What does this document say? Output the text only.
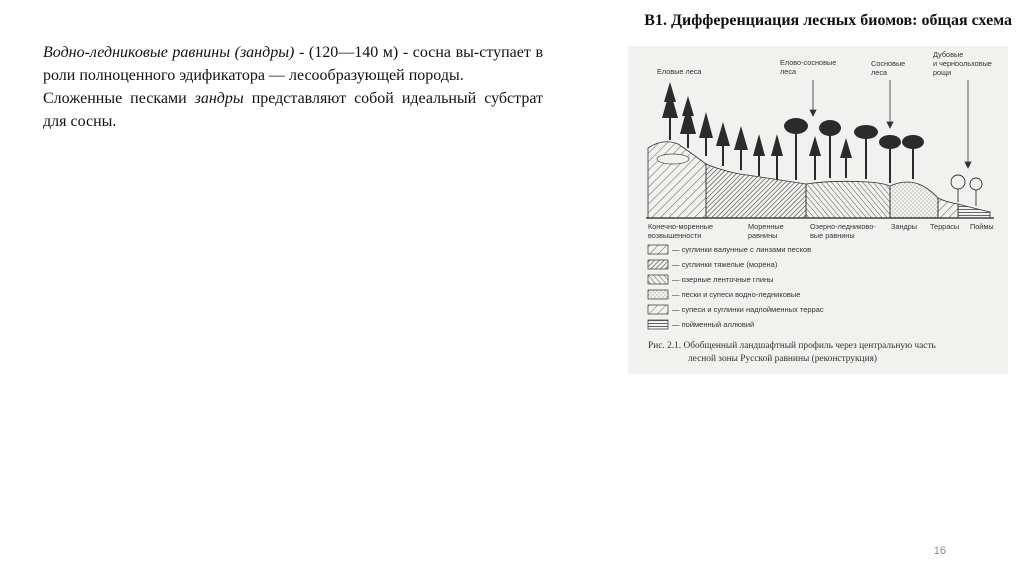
В1. Дифференциация лесных биомов: общая схема

Водно-ледниковые равнины (зандры) - (120—140 м) - сосна вы-ступает в роли полноценного эдификатора — лесообразующей породы.

Сложенные песками зандры представляют собой идеальный субстрат для сосны.

Еловые леса
Елово-сосновые
леса
Сосновые
леса
Дубовые
и черноольховые
рощи
Конечно-моренные
возвышенности
Моренные
равнины
Озерно-ледниково-
вые равнины
Зандры Террасы Поймы
— суглинки валунные с линзами песков
— суглинки тяжелые (морена)
— озерные ленточные глины
— пески и супеси водно-ледниковые
— супеси и суглинки надпойменных террас
— пойменный аллювий
Рис. 2.1. Обобщенный ландшафтный профиль через центральную часть
лесной зоны Русской равнины (реконструкция)
16
